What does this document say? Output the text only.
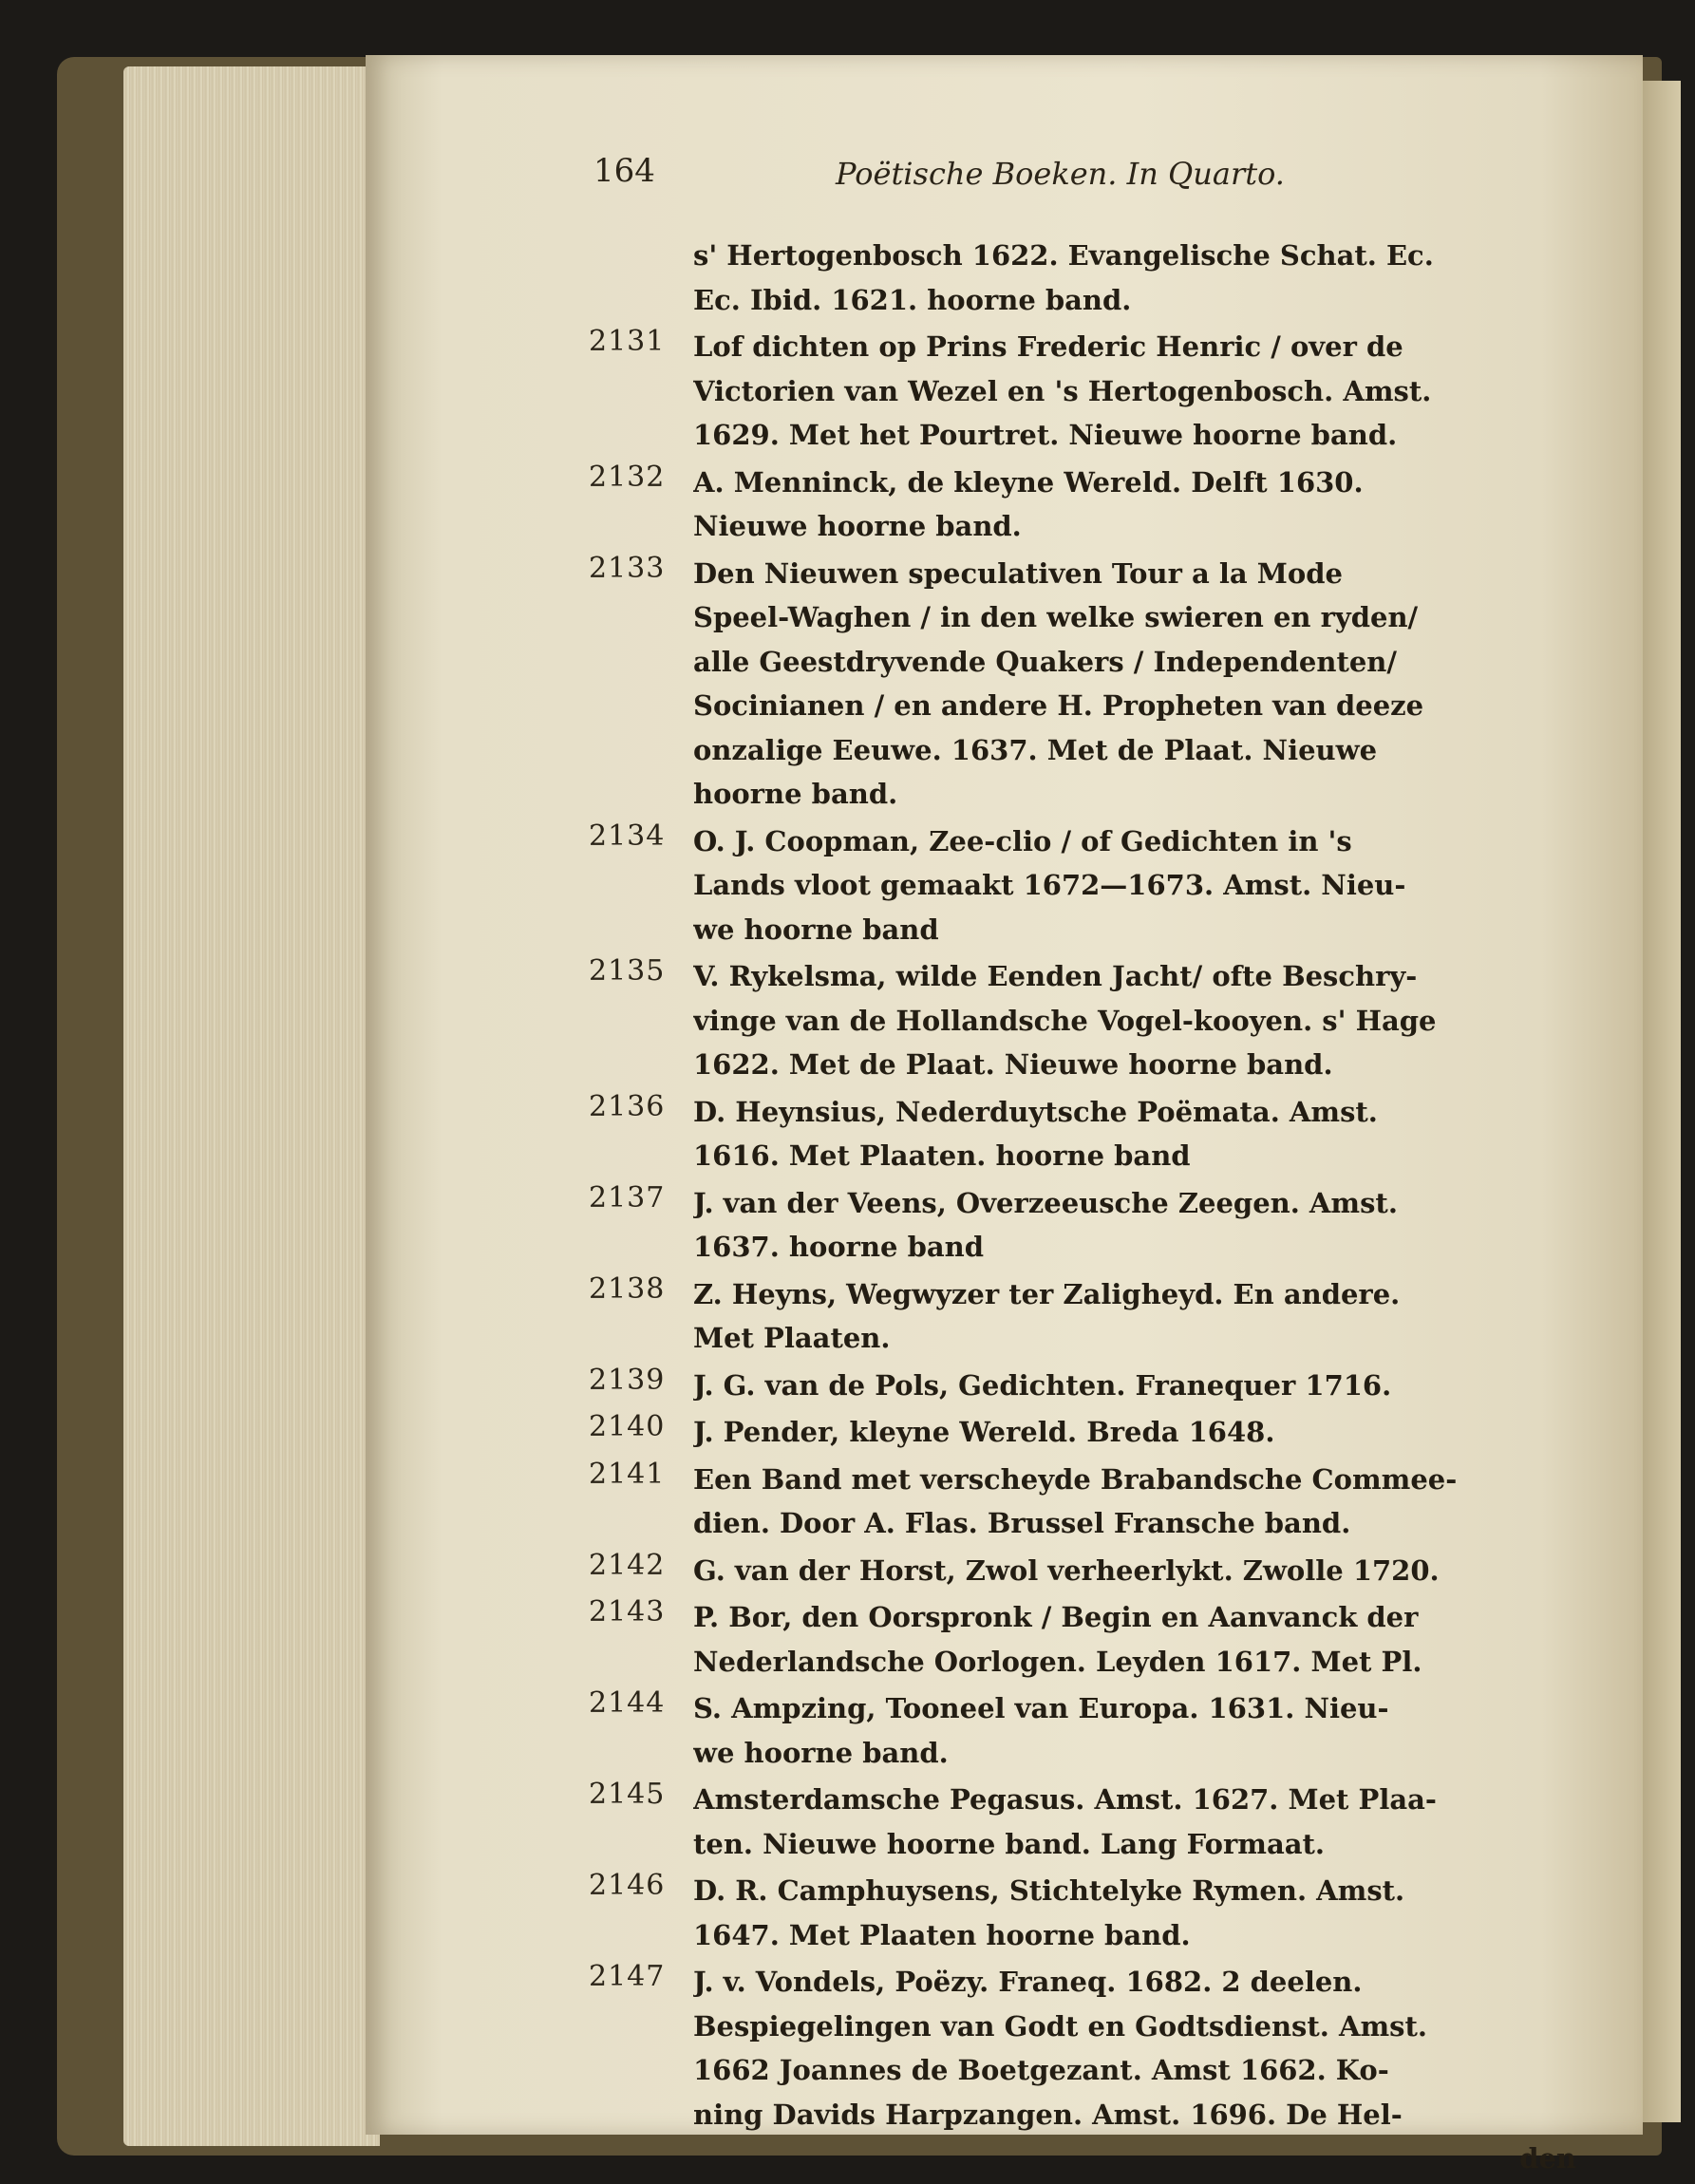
164	Poëtische Boeken. In Quarto.
s' Hertogenbosch 1622. Evangelische Schat. Ec.
Ec. Ibid. 1621. hoorne band.
2131	Lof dichten op Prins Frederic Henric / over de
Victorien van Wezel en 's Hertogenbosch. Amst.
1629. Met het Pourtret. Nieuwe hoorne band.
2132	A. Menninck, de kleyne Wereld. Delft 1630.
Nieuwe hoorne band.
2133	Den Nieuwen speculativen Tour a la Mode
Speel-Waghen / in den welke swieren en ryden/
alle Geestdryvende Quakers / Independenten/
Socinianen / en andere H. Propheten van deeze
onzalige Eeuwe. 1637. Met de Plaat. Nieuwe
hoorne band.
2134	O. J. Coopman, Zee-clio / of Gedichten in 's
Lands vloot gemaakt 1672—1673. Amst. Nieu-
we hoorne band
2135	V. Rykelsma, wilde Eenden Jacht/ ofte Beschry-
vinge van de Hollandsche Vogel-kooyen. s' Hage
1622. Met de Plaat. Nieuwe hoorne band.
2136	D. Heynsius, Nederduytsche Poëmata. Amst.
1616. Met Plaaten. hoorne band
2137	J. van der Veens, Overzeeusche Zeegen. Amst.
1637. hoorne band
2138	Z. Heyns, Wegwyzer ter Zaligheyd. En andere.
Met Plaaten.
2139	J. G. van de Pols, Gedichten. Franequer 1716.
2140	J. Pender, kleyne Wereld. Breda 1648.
2141	Een Band met verscheyde Brabandsche Commee-
dien. Door A. Flas. Brussel Fransche band.
2142	G. van der Horst, Zwol verheerlykt. Zwolle 1720.
2143	P. Bor, den Oorspronk / Begin en Aanvanck der
Nederlandsche Oorlogen. Leyden 1617. Met Pl.
2144	S. Ampzing, Tooneel van Europa. 1631. Nieu-
we hoorne band.
2145	Amsterdamsche Pegasus. Amst. 1627. Met Plaa-
ten. Nieuwe hoorne band. Lang Formaat.
2146	D. R. Camphuysens, Stichtelyke Rymen. Amst.
1647. Met Plaaten hoorne band.
2147	J. v. Vondels, Poëzy. Franeq. 1682. 2 deelen.
Bespiegelingen van Godt en Godtsdienst. Amst.
1662 Joannes de Boetgezant. Amst 1662. Ko-
ning Davids Harpzangen. Amst. 1696. De Hel-
den
